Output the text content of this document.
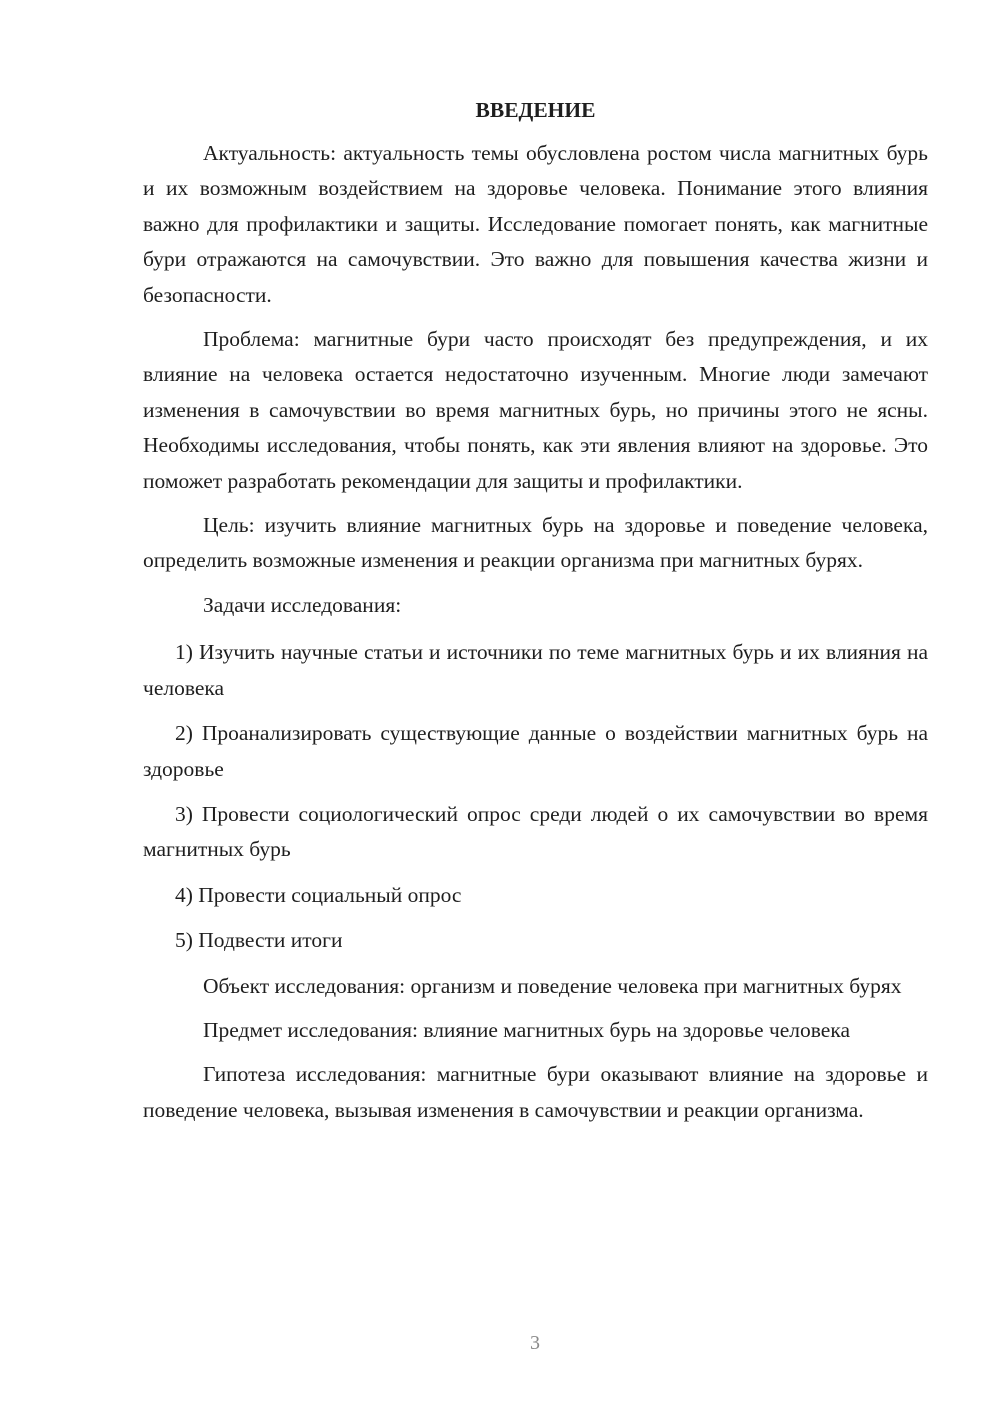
ВВЕДЕНИЕ

Актуальность: актуальность темы обусловлена ростом числа магнитных бурь и их возможным воздействием на здоровье человека. Понимание этого влияния важно для профилактики и защиты. Исследование помогает понять, как магнитные бури отражаются на самочувствии. Это важно для повышения качества жизни и безопасности.

Проблема: магнитные бури часто происходят без предупреждения, и их влияние на человека остается недостаточно изученным. Многие люди замечают изменения в самочувствии во время магнитных бурь, но причины этого не ясны. Необходимы исследования, чтобы понять, как эти явления влияют на здоровье. Это поможет разработать рекомендации для защиты и профилактики.

Цель: изучить влияние магнитных бурь на здоровье и поведение человека, определить возможные изменения и реакции организма при магнитных бурях.

Задачи исследования:

1) Изучить научные статьи и источники по теме магнитных бурь и их влияния на человека

2) Проанализировать существующие данные о воздействии магнитных бурь на здоровье

3) Провести социологический опрос среди людей о их самочувствии во время магнитных бурь

4) Провести социальный опрос

5) Подвести итоги

Объект исследования: организм и поведение человека при магнитных бурях

Предмет исследования: влияние магнитных бурь на здоровье человека

Гипотеза исследования: магнитные бури оказывают влияние на здоровье и поведение человека, вызывая изменения в самочувствии и реакции организма.

3
